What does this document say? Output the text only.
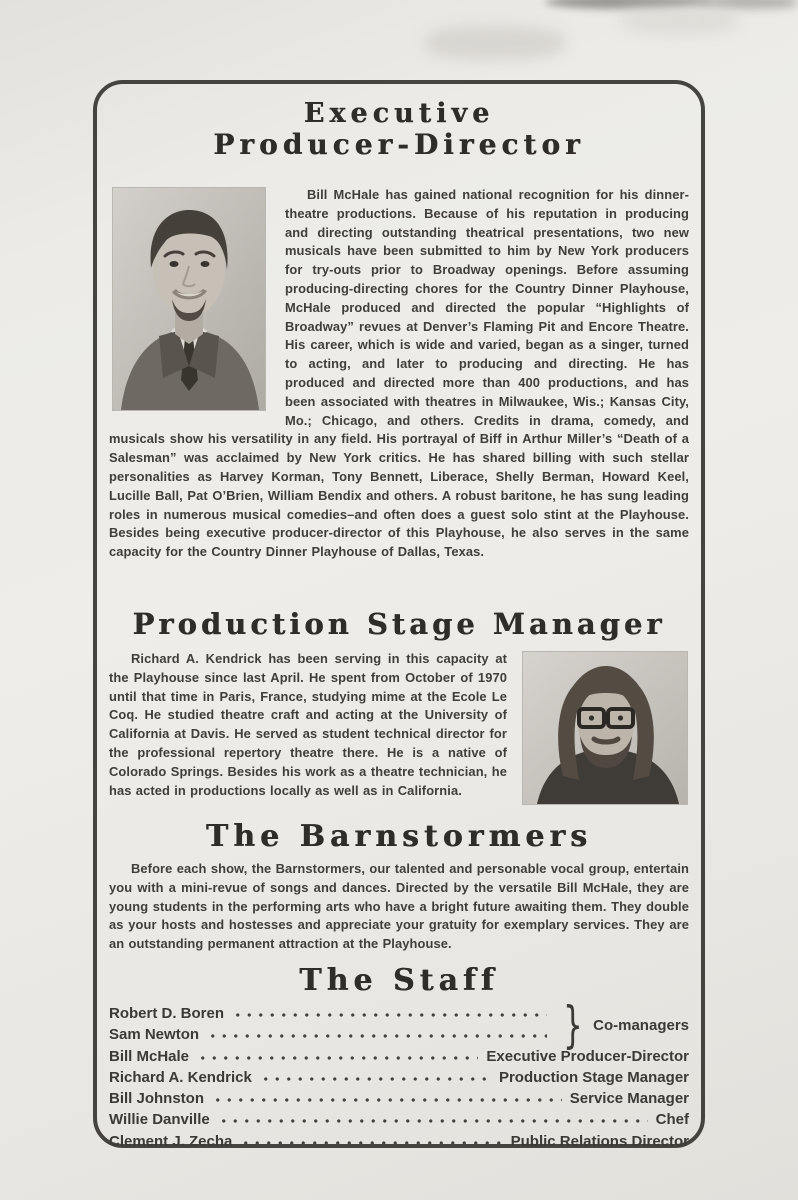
Executive
Producer-Director

Bill McHale has gained national recognition for his dinner-theatre productions. Because of his reputation in producing and directing outstanding theatrical presentations, two new musicals have been submitted to him by New York producers for try-outs prior to Broadway openings. Before assuming producing-directing chores for the Country Dinner Playhouse, McHale produced and directed the popular “Highlights of Broadway” revues at Denver’s Flaming Pit and Encore Theatre. His career, which is wide and varied, began as a singer, turned to acting, and later to producing and directing. He has produced and directed more than 400 productions, and has been associated with theatres in Milwaukee, Wis.; Kansas City, Mo.; Chicago, and others. Credits in drama, comedy, and musicals show his versatility in any field. His portrayal of Biff in Arthur Miller’s “Death of a Salesman” was acclaimed by New York critics. He has shared billing with such stellar personalities as Harvey Korman, Tony Bennett, Liberace, Shelly Berman, Howard Keel, Lucille Ball, Pat O’Brien, William Bendix and others. A robust baritone, he has sung leading roles in numerous musical comedies–and often does a guest solo stint at the Playhouse. Besides being executive producer-director of this Playhouse, he also serves in the same capacity for the Country Dinner Playhouse of Dallas, Texas.

Production Stage Manager

Richard A. Kendrick has been serving in this capacity at the Playhouse since last April. He spent from October of 1970 until that time in Paris, France, studying mime at the Ecole Le Coq. He studied theatre craft and acting at the University of California at Davis. He served as student technical director for the professional repertory theatre there. He is a native of Colorado Springs. Besides his work as a theatre technician, he has acted in productions locally as well as in California.

The Barnstormers

Before each show, the Barnstormers, our talented and personable vocal group, entertain you with a mini-revue of songs and dances. Directed by the versatile Bill McHale, they are young students in the performing arts who have a bright future awaiting them. They double as your hosts and hostesses and appreciate your gratuity for exemplary services. They are an outstanding permanent attraction at the Playhouse.

The Staff
Robert D. Boren
Sam Newton	} Co-managers
Bill McHale	Executive Producer-Director
Richard A. Kendrick	Production Stage Manager
Bill Johnston	Service Manager
Willie Danville	Chef
Clement J. Zecha	Public Relations Director
